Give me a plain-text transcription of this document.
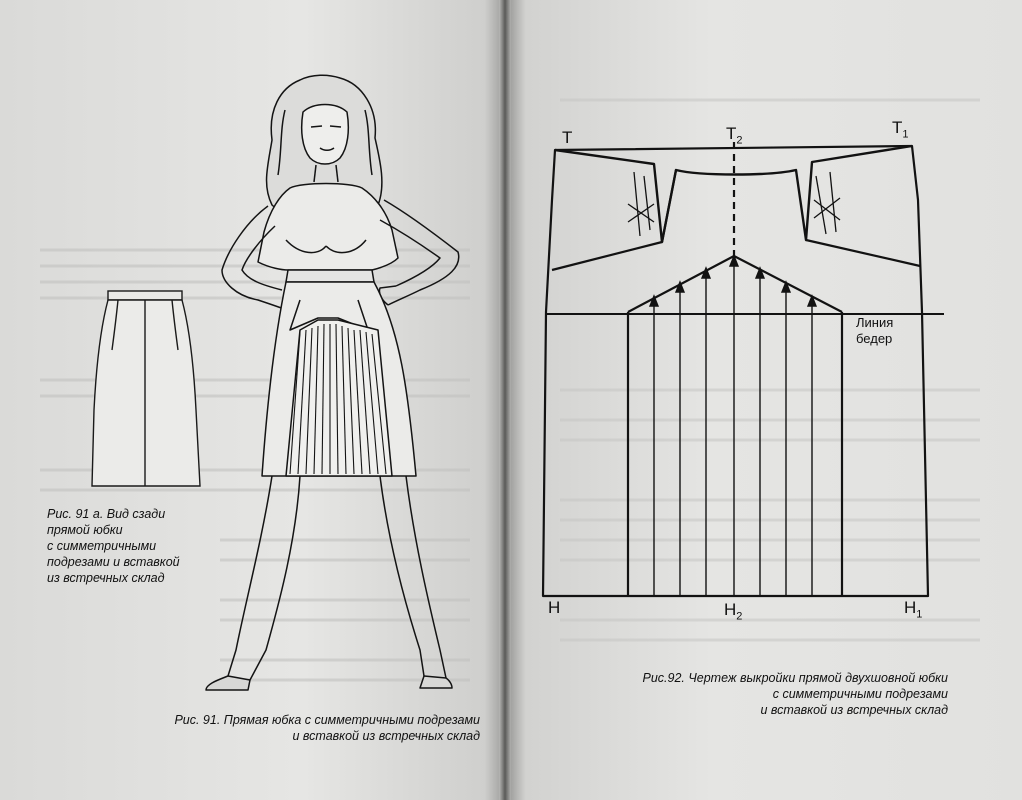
Т	$Т_2$
$Т_1$
Н	$Н_2$	$Н_1$
Линия
бедер
Рис. 91 а. Вид сзади
прямой юбки
с симметричными
подрезами и вставкой
из встречных склад
Рис. 91. Прямая юбка с симметричными подрезами
и вставкой из встречных склад
Рис.92. Чертеж выкройки прямой двухшовной юбки
с симметричными подрезами
и вставкой из встречных склад
